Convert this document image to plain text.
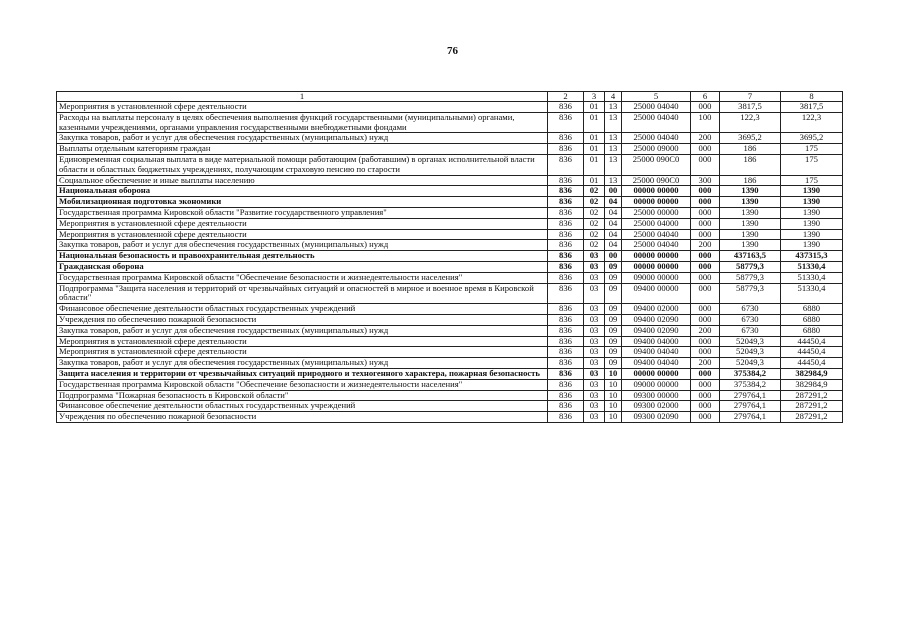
76
1	2	3	4	5	6	7	8
Мероприятия в установленной сфере деятельности	836	01	13	25000 04040	000	3817,5	3817,5
Расходы на выплаты персоналу в целях обеспечения выполнения функций государственными (муниципальными) органами, казенными учреждениями, органами управления государственными внебюджетными фондами	836	01	13	25000 04040	100	122,3	122,3
Закупка товаров, работ и услуг для обеспечения государственных (муниципальных) нужд	836	01	13	25000 04040	200	3695,2	3695,2
Выплаты отдельным категориям граждан	836	01	13	25000 09000	000	186	175
Единовременная социальная выплата в виде материальной помощи работающим (работавшим) в органах исполнительной власти области и областных бюджетных учреждениях, получающим страховую пенсию по старости	836	01	13	25000 090С0	000	186	175
Социальное обеспечение и иные выплаты населению	836	01	13	25000 090С0	300	186	175
Национальная оборона	836	02	00	00000 00000	000	1390	1390
Мобилизационная подготовка экономики	836	02	04	00000 00000	000	1390	1390
Государственная программа Кировской области "Развитие государственного управления"	836	02	04	25000 00000	000	1390	1390
Мероприятия в установленной сфере деятельности	836	02	04	25000 04000	000	1390	1390
Мероприятия в установленной сфере деятельности	836	02	04	25000 04040	000	1390	1390
Закупка товаров, работ и услуг для обеспечения государственных (муниципальных) нужд	836	02	04	25000 04040	200	1390	1390
Национальная безопасность и правоохранительная деятельность	836	03	00	00000 00000	000	437163,5	437315,3
Гражданская оборона	836	03	09	00000 00000	000	58779,3	51330,4
Государственная программа Кировской области "Обеспечение безопасности и жизнедеятельности населения"	836	03	09	09000 00000	000	58779,3	51330,4
Подпрограмма "Защита населения и территорий от чрезвычайных ситуаций и опасностей в мирное и военное время в Кировской области"	836	03	09	09400 00000	000	58779,3	51330,4
Финансовое обеспечение деятельности областных государственных учреждений	836	03	09	09400 02000	000	6730	6880
Учреждения по обеспечению пожарной безопасности	836	03	09	09400 02090	000	6730	6880
Закупка товаров, работ и услуг для обеспечения государственных (муниципальных) нужд	836	03	09	09400 02090	200	6730	6880
Мероприятия в установленной сфере деятельности	836	03	09	09400 04000	000	52049,3	44450,4
Мероприятия в установленной сфере деятельности	836	03	09	09400 04040	000	52049,3	44450,4
Закупка товаров, работ и услуг для обеспечения государственных (муниципальных) нужд	836	03	09	09400 04040	200	52049,3	44450,4
Защита населения и территории от чрезвычайных ситуаций природного и техногенного характера, пожарная безопасность	836	03	10	00000 00000	000	375384,2	382984,9
Государственная программа Кировской области "Обеспечение безопасности и жизнедеятельности населения"	836	03	10	09000 00000	000	375384,2	382984,9
Подпрограмма "Пожарная безопасность в Кировской области"	836	03	10	09300 00000	000	279764,1	287291,2
Финансовое обеспечение деятельности областных государственных учреждений	836	03	10	09300 02000	000	279764,1	287291,2
Учреждения по обеспечению пожарной безопасности	836	03	10	09300 02090	000	279764,1	287291,2
